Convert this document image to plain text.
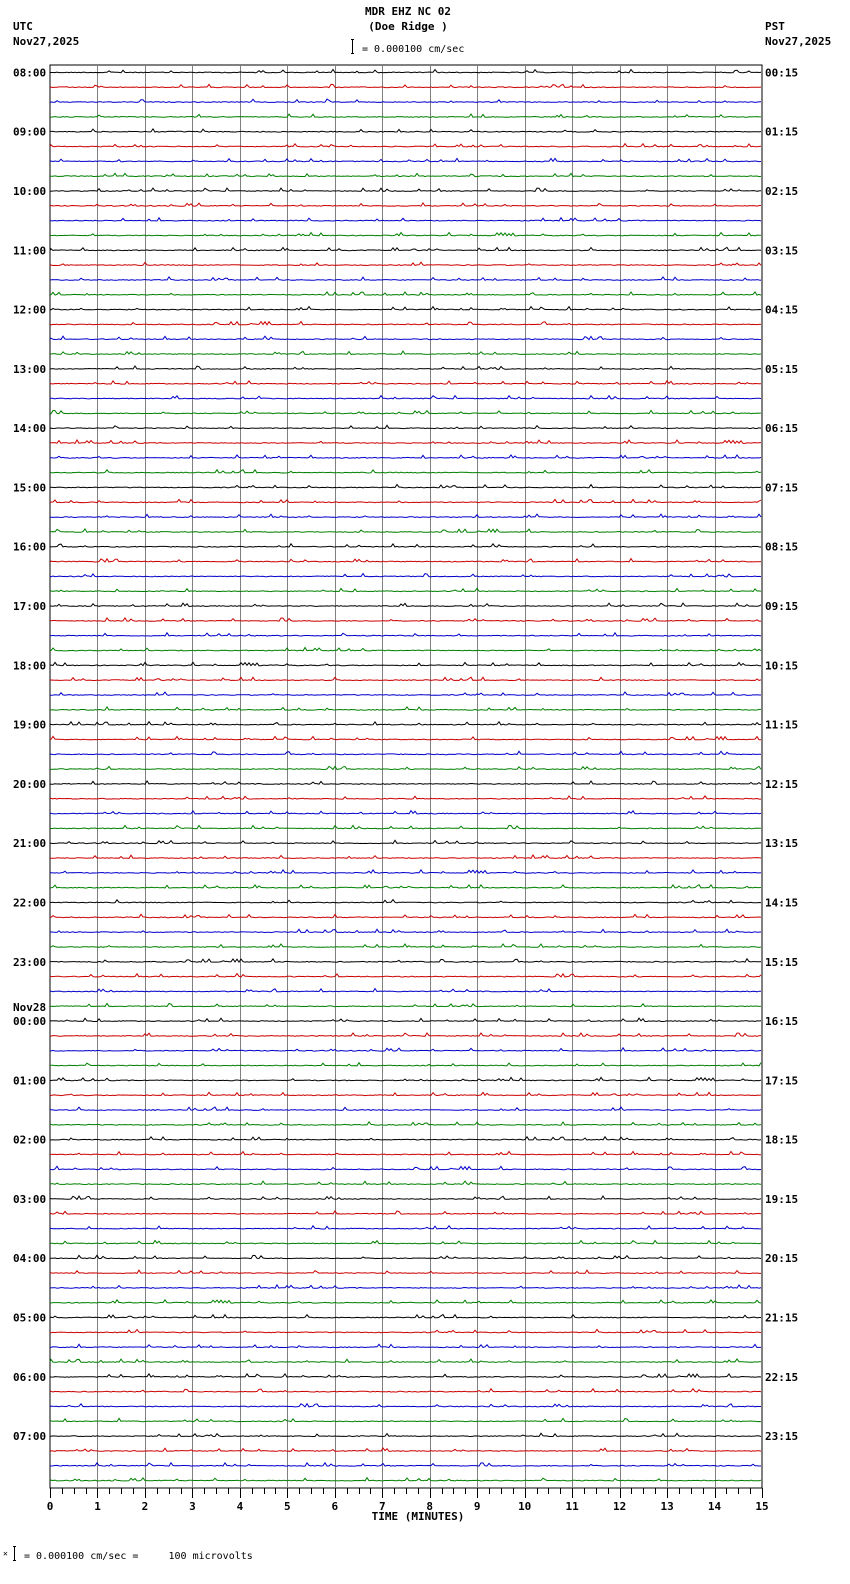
MDR EHZ NC 02
(Doe Ridge )
= 0.000100 cm/sec
UTC
Nov27,2025
PST
Nov27,2025
08:00
09:00
10:00
11:00
12:00
13:00
14:00
15:00
16:00
17:00
18:00
19:00
20:00
21:00
22:00
23:00
00:00
Nov28
01:00
02:00
03:00
04:00
05:00
06:00
07:00
00:15
01:15
02:15
03:15
04:15
05:15
06:15
07:15
08:15
09:15
10:15
11:15
12:15
13:15
14:15
15:15
16:15
17:15
18:15
19:15
20:15
21:15
22:15
23:15
0	1	2	3	4	5	6	7	8	9	10	11	12	13	14	15
TIME (MINUTES)
✕ = 0.000100 cm/sec =     100 microvolts
